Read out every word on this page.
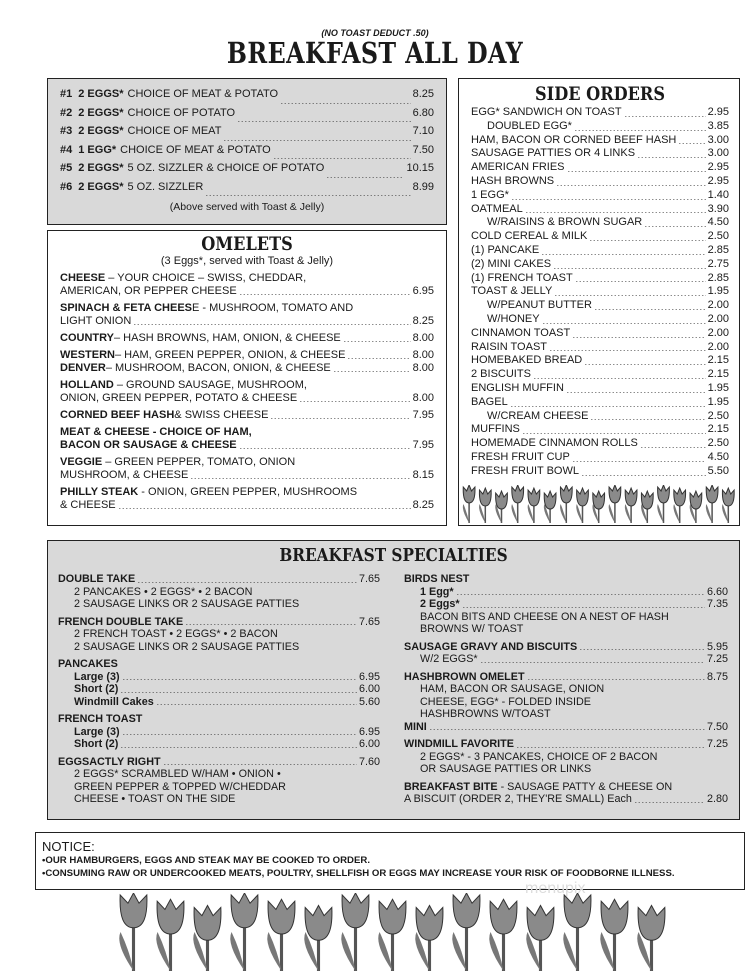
(NO TOAST DEDUCT .50)
BREAKFAST ALL DAY
#1 2 EGGS* CHOICE OF MEAT & POTATO	8.25
#2 2 EGGS* CHOICE OF POTATO	6.80
#3 2 EGGS* CHOICE OF MEAT	7.10
#4 1 EGG* CHOICE OF MEAT & POTATO	7.50
#5 2 EGGS* 5 OZ. SIZZLER & CHOICE OF POTATO	10.15
#6 2 EGGS* 5 OZ. SIZZLER	8.99
(Above served with Toast & Jelly)
OMELETS
(3 Eggs*, served with Toast & Jelly)
CHEESE – YOUR CHOICE – SWISS, CHEDDAR,
AMERICAN, OR PEPPER CHEESE	6.95
SPINACH & FETA CHEESE - MUSHROOM, TOMATO AND
LIGHT ONION	8.25
COUNTRY – HASH BROWNS, HAM, ONION, & CHEESE	8.00
WESTERN – HAM, GREEN PEPPER, ONION, & CHEESE	8.00
DENVER – MUSHROOM, BACON, ONION, & CHEESE	8.00
HOLLAND – GROUND SAUSAGE, MUSHROOM,
ONION, GREEN PEPPER, POTATO & CHEESE	8.00
CORNED BEEF HASH & SWISS CHEESE	7.95
MEAT & CHEESE - CHOICE OF HAM,
BACON OR SAUSAGE & CHEESE	7.95
VEGGIE – GREEN PEPPER, TOMATO, ONION
MUSHROOM, & CHEESE	8.15
PHILLY STEAK - ONION, GREEN PEPPER, MUSHROOMS
& CHEESE	8.25
SIDE ORDERS
EGG* SANDWICH ON TOAST	2.95
DOUBLED EGG*	3.85
HAM, BACON OR CORNED BEEF HASH	3.00
SAUSAGE PATTIES OR 4 LINKS	3.00
AMERICAN FRIES	2.95
HASH BROWNS	2.95
1 EGG*	1.40
OATMEAL	3.90
W/RAISINS & BROWN SUGAR	4.50
COLD CEREAL & MILK	2.50
(1) PANCAKE	2.85
(2) MINI CAKES	2.75
(1) FRENCH TOAST	2.85
TOAST & JELLY	1.95
W/PEANUT BUTTER	2.00
W/HONEY	2.00
CINNAMON TOAST	2.00
RAISIN TOAST	2.00
HOMEBAKED BREAD	2.15
2 BISCUITS	2.15
ENGLISH MUFFIN	1.95
BAGEL	1.95
W/CREAM CHEESE	2.50
MUFFINS	2.15
HOMEMADE CINNAMON ROLLS	2.50
FRESH FRUIT CUP	4.50
FRESH FRUIT BOWL	5.50
BREAKFAST SPECIALTIES
DOUBLE TAKE	7.65
2 PANCAKES • 2 EGGS* • 2 BACON
2 SAUSAGE LINKS OR 2 SAUSAGE PATTIES
FRENCH DOUBLE TAKE	7.65
2 FRENCH TOAST • 2 EGGS* • 2 BACON
2 SAUSAGE LINKS OR 2 SAUSAGE PATTIES
PANCAKES
Large (3)	6.95
Short (2)	6.00
Windmill Cakes	5.60
FRENCH TOAST
Large (3)	6.95
Short (2)	6.00
EGGSACTLY RIGHT	7.60
2 EGGS* SCRAMBLED W/HAM • ONION •
GREEN PEPPER & TOPPED W/CHEDDAR
CHEESE • TOAST ON THE SIDE
BIRDS NEST
1 Egg*	6.60
2 Eggs*	7.35
BACON BITS AND CHEESE ON A NEST OF HASH
BROWNS W/ TOAST
SAUSAGE GRAVY AND BISCUITS	5.95
W/2 EGGS*	7.25
HASHBROWN OMELET	8.75
HAM, BACON OR SAUSAGE, ONION
CHEESE, EGG* - FOLDED INSIDE
HASHBROWNS W/TOAST
MINI	7.50
WINDMILL FAVORITE	7.25
2 EGGS* - 3 PANCAKES, CHOICE OF 2 BACON
OR SAUSAGE PATTIES OR LINKS
BREAKFAST BITE - SAUSAGE PATTY & CHEESE ON
A BISCUIT (ORDER 2, THEY'RE SMALL) Each	2.80
NOTICE:
•OUR HAMBURGERS, EGGS AND STEAK MAY BE COOKED TO ORDER.
•CONSUMING RAW OR UNDERCOOKED MEATS, POULTRY, SHELLFISH OR EGGS MAY INCREASE YOUR RISK OF FOODBORNE ILLNESS.
menupix
